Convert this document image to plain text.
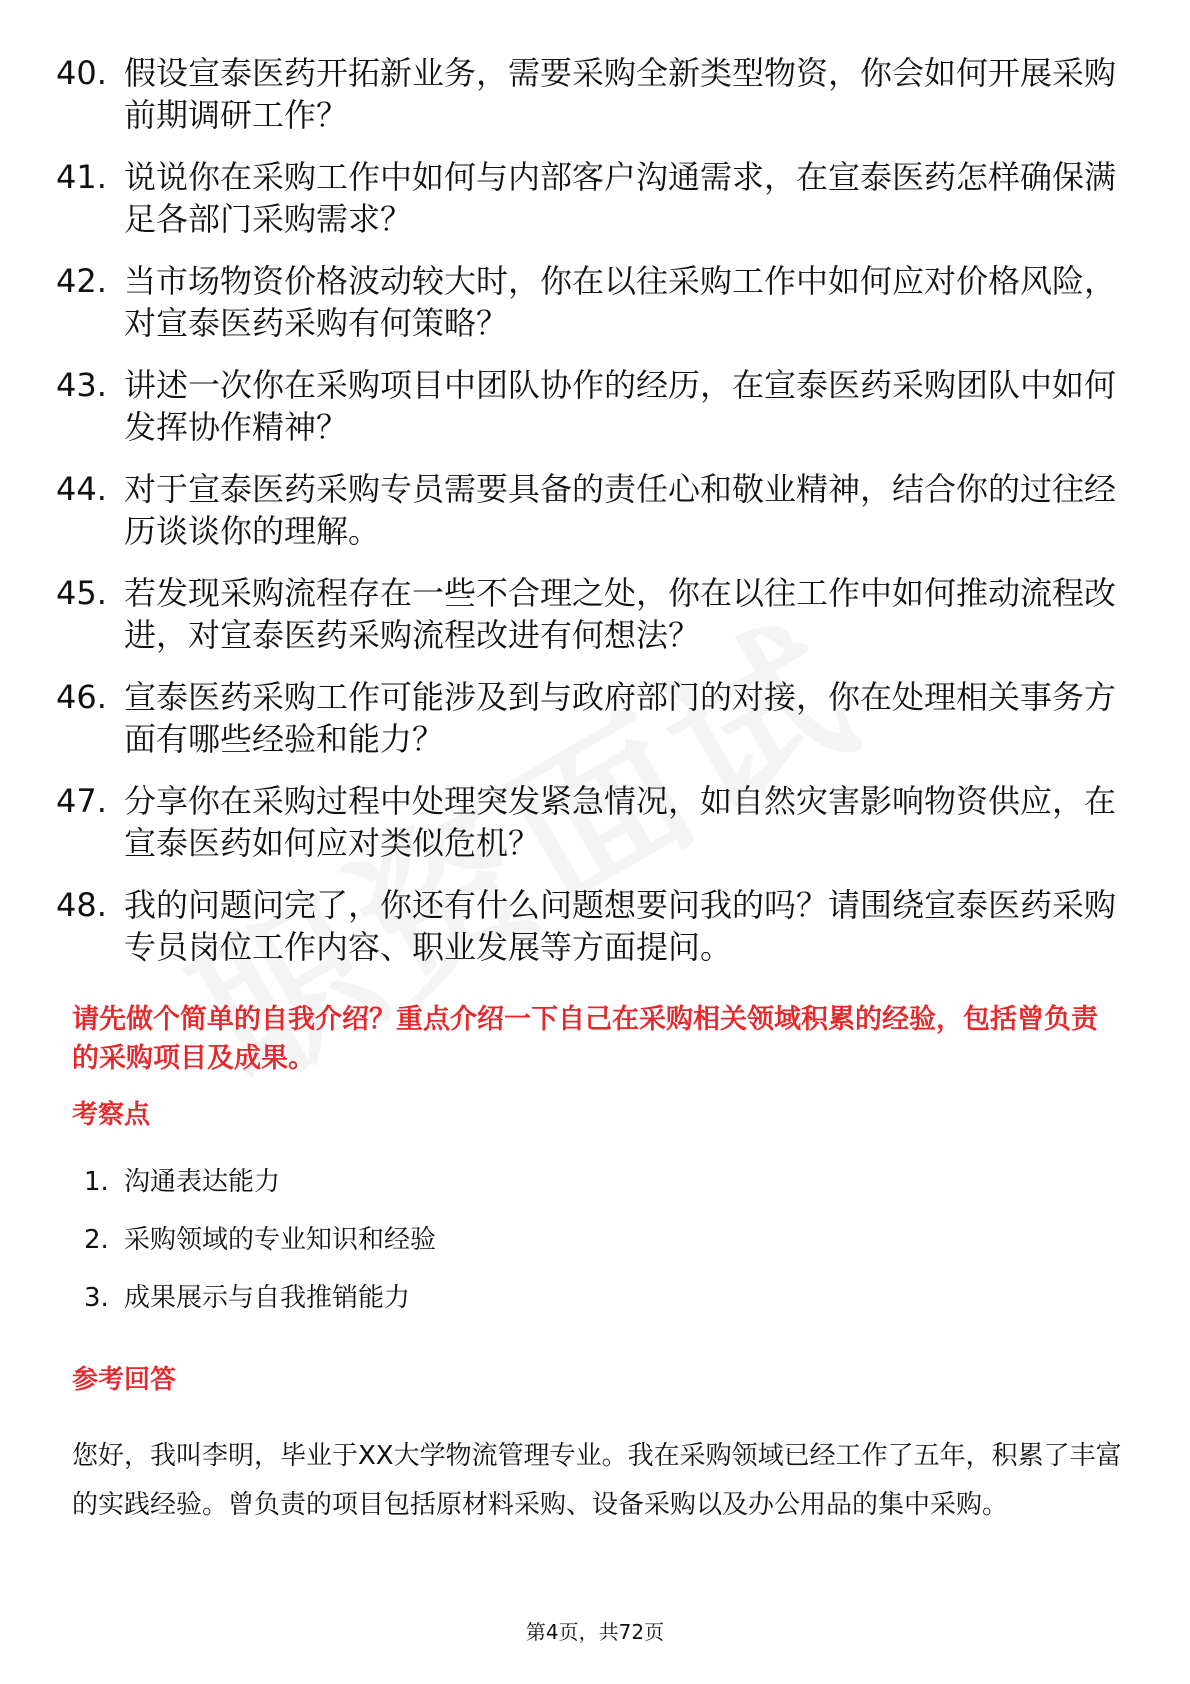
40. 假设宣泰医药开拓新业务，需要采购全新类型物资，你会如何开展采购前期调研工作？
41. 说说你在采购工作中如何与内部客户沟通需求，在宣泰医药怎样确保满足各部门采购需求？
42. 当市场物资价格波动较大时，你在以往采购工作中如何应对价格风险，对宣泰医药采购有何策略？
43. 讲述一次你在采购项目中团队协作的经历，在宣泰医药采购团队中如何发挥协作精神？
44. 对于宣泰医药采购专员需要具备的责任心和敬业精神，结合你的过往经历谈谈你的理解。
45. 若发现采购流程存在一些不合理之处，你在以往工作中如何推动流程改进，对宣泰医药采购流程改进有何想法？
46. 宣泰医药采购工作可能涉及到与政府部门的对接，你在处理相关事务方面有哪些经验和能力？
47. 分享你在采购过程中处理突发紧急情况，如自然灾害影响物资供应，在宣泰医药如何应对类似危机？
48. 我的问题问完了，你还有什么问题想要问我的吗？请围绕宣泰医药采购专员岗位工作内容、职业发展等方面提问。
请先做个简单的自我介绍？重点介绍一下自己在采购相关领域积累的经验，包括曾负责的采购项目及成果。
考察点
1. 沟通表达能力
2. 采购领域的专业知识和经验
3. 成果展示与自我推销能力
参考回答
您好，我叫李明，毕业于XX大学物流管理专业。我在采购领域已经工作了五年，积累了丰富的实践经验。曾负责的项目包括原材料采购、设备采购以及办公用品的集中采购。
第4页，共72页
